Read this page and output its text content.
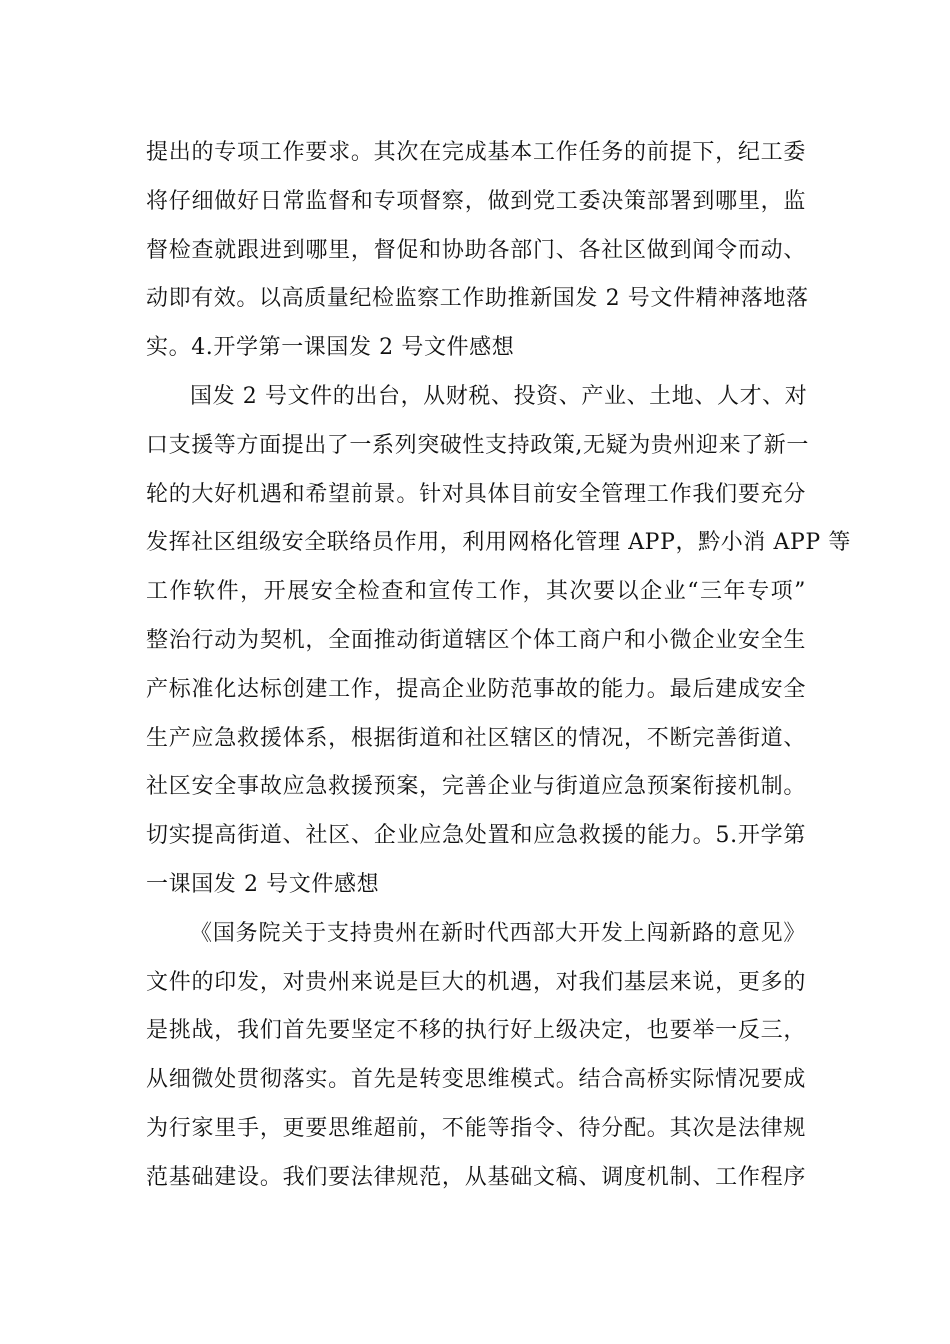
提出的专项工作要求。其次在完成基本工作任务的前提下，纪工委
将仔细做好日常监督和专项督察，做到党工委决策部署到哪里，监
督检查就跟进到哪里，督促和协助各部门、各社区做到闻令而动、
动即有效。以高质量纪检监察工作助推新国发 2 号文件精神落地落
实。4.开学第一课国发 2 号文件感想
国发 2 号文件的出台，从财税、投资、产业、土地、人才、对
口支援等方面提出了一系列突破性支持政策,无疑为贵州迎来了新一
轮的大好机遇和希望前景。针对具体目前安全管理工作我们要充分
发挥社区组级安全联络员作用，利用网格化管理 APP，黔小消 APP 等
工作软件，开展安全检查和宣传工作，其次要以企业“三年专项”
整治行动为契机，全面推动街道辖区个体工商户和小微企业安全生
产标准化达标创建工作，提高企业防范事故的能力。最后建成安全
生产应急救援体系，根据街道和社区辖区的情况，不断完善街道、
社区安全事故应急救援预案，完善企业与街道应急预案衔接机制。
切实提高街道、社区、企业应急处置和应急救援的能力。5.开学第
一课国发 2 号文件感想
《国务院关于支持贵州在新时代西部大开发上闯新路的意见》
文件的印发，对贵州来说是巨大的机遇，对我们基层来说，更多的
是挑战，我们首先要坚定不移的执行好上级决定，也要举一反三，
从细微处贯彻落实。首先是转变思维模式。结合高桥实际情况要成
为行家里手，更要思维超前，不能等指令、待分配。其次是法律规
范基础建设。我们要法律规范，从基础文稿、调度机制、工作程序
